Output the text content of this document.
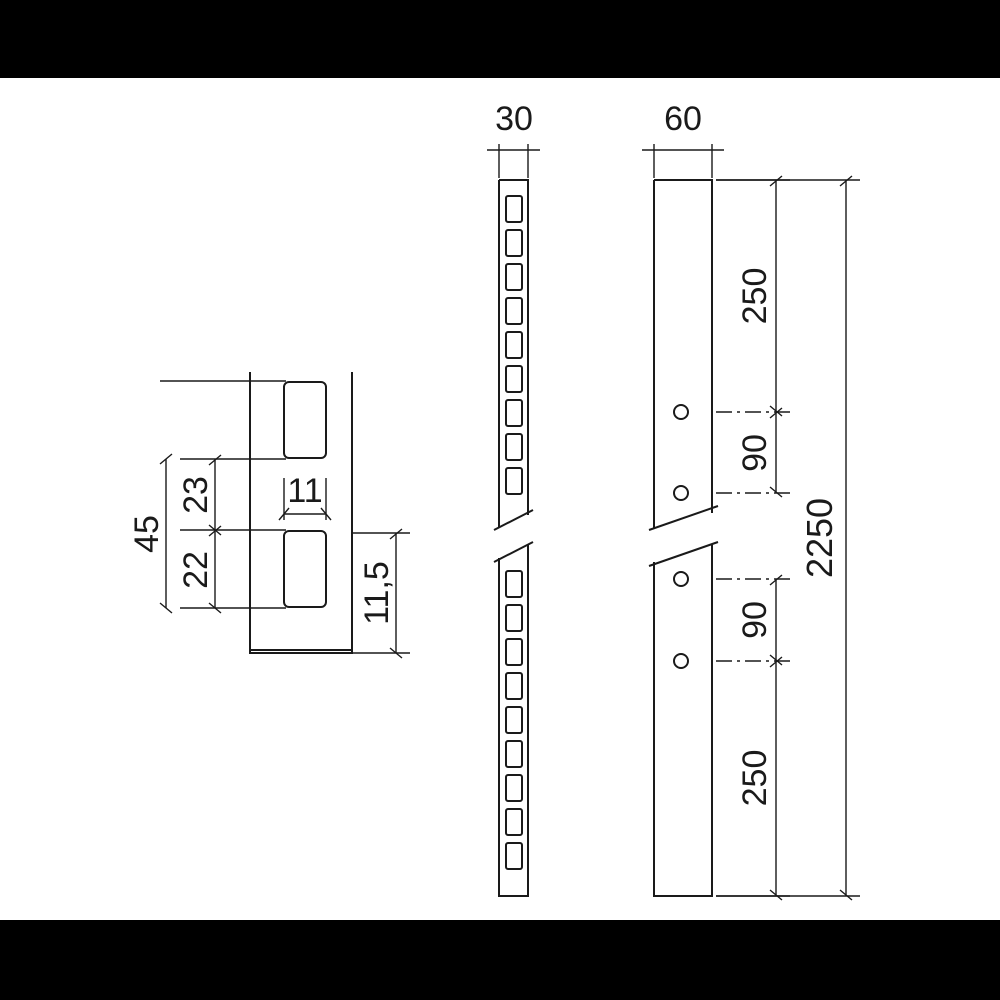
45
23
22
11
11,5
30	60
250
90
90
250
2250
